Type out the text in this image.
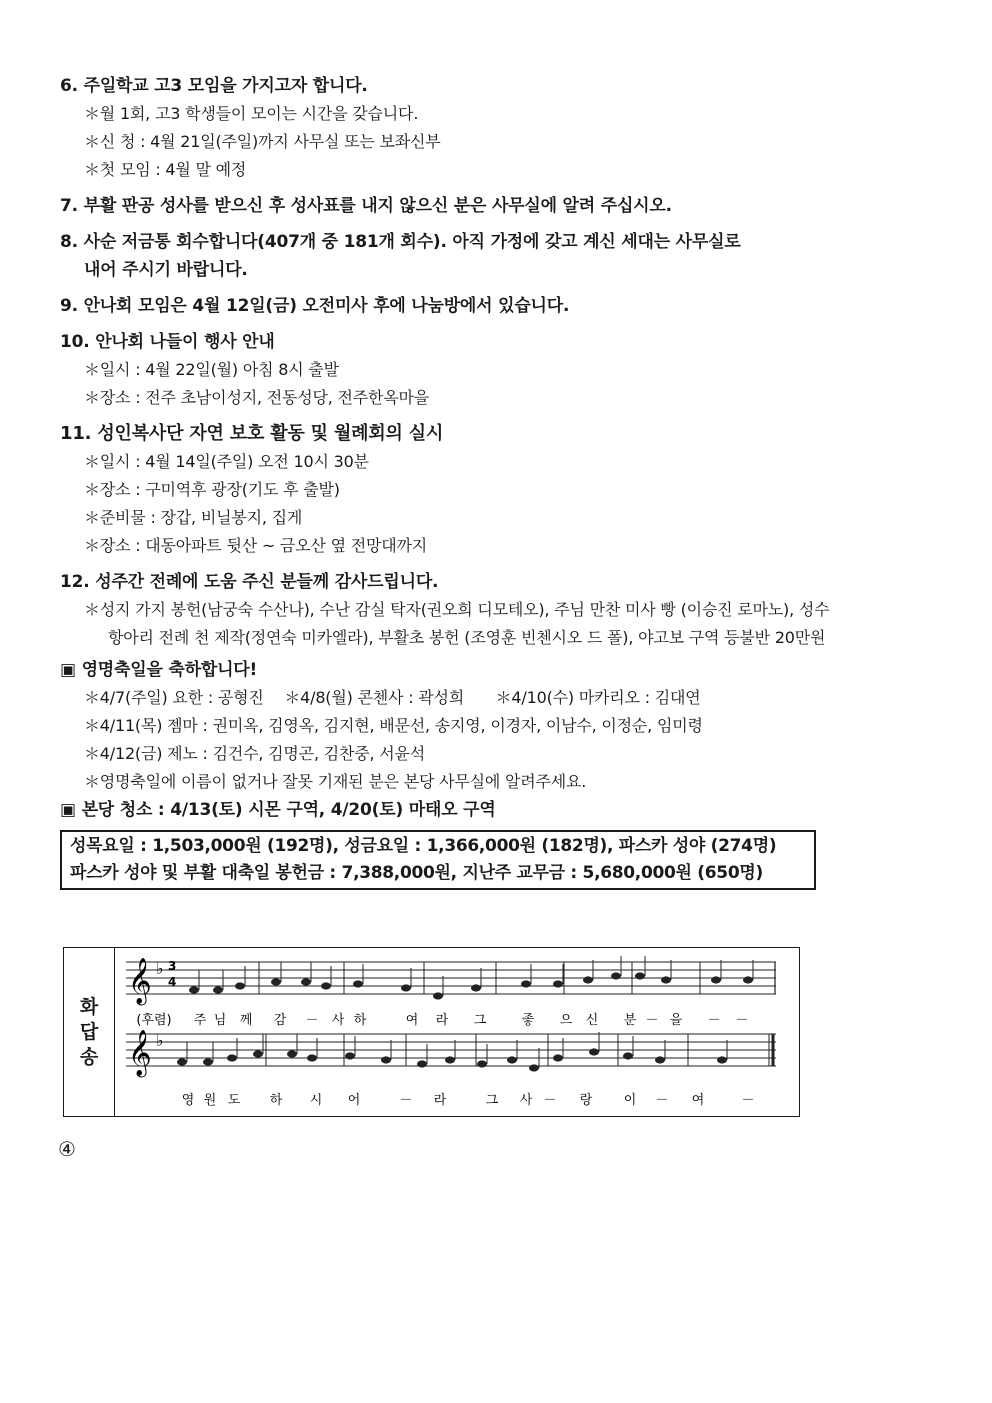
6. 주일학교 고3 모임을 가지고자 합니다.
＊월 1회, 고3 학생들이 모이는 시간을 갖습니다.
＊신 청 : 4월 21일(주일)까지 사무실 또는 보좌신부
＊첫 모임 : 4월 말 예정
7. 부활 판공 성사를 받으신 후 성사표를 내지 않으신 분은 사무실에 알려 주십시오.
8. 사순 저금통 회수합니다(407개 중 181개 회수). 아직 가정에 갖고 계신 세대는 사무실로
내어 주시기 바랍니다.
9. 안나회 모임은 4월 12일(금) 오전미사 후에 나눔방에서 있습니다.
10. 안나회 나들이 행사 안내
＊일시 : 4월 22일(월) 아침 8시 출발
＊장소 : 전주 초남이성지, 전동성당, 전주한옥마을
11. 성인복사단 자연 보호 활동 및 월례회의 실시
＊일시 : 4월 14일(주일) 오전 10시 30분
＊장소 : 구미역후 광장(기도 후 출발)
＊준비물 : 장갑, 비닐봉지, 집게
＊장소 : 대동아파트 뒷산 ~ 금오산 옆 전망대까지
12. 성주간 전례에 도움 주신 분들께 감사드립니다.
＊성지 가지 봉헌(남궁숙 수산나), 수난 감실 탁자(권오희 디모테오), 주님 만찬 미사 빵 (이승진 로마노), 성수 항아리 전례 천 제작(정연숙 미카엘라), 부활초 봉헌 (조영훈 빈첸시오 드 폴), 야고보 구역 등불반 20만원
▣ 영명축일을 축하합니다!
＊4/7(주일) 요한 : 공형진　 ＊4/8(월) 콘첸사 : 곽성희　　＊4/10(수) 마카리오 : 김대연
＊4/11(목) 젬마 : 권미옥, 김영옥, 김지현, 배문선, 송지영, 이경자, 이남수, 이정순, 임미령
＊4/12(금) 제노 : 김건수, 김명곤, 김찬중, 서윤석
＊영명축일에 이름이 없거나 잘못 기재된 분은 본당 사무실에 알려주세요.
▣ 본당 청소 : 4/13(토) 시몬 구역, 4/20(토) 마태오 구역
성목요일 : 1,503,000원 (192명), 성금요일 : 1,366,000원 (182명), 파스카 성야 (274명)
파스카 성야 및 부활 대축일 봉헌금 : 7,388,000원, 지난주 교무금 : 5,680,000원 (650명)
화
답
송
𝄞 ♭
𝄞 ♭
3
4
(후렴) 주 님 께 감 － 사 하	여 라 그	좋 으 신 분 － 을 － －
영 원 도 하 시 어	－ 라	그 사 － 랑 이 － 여	－
④
